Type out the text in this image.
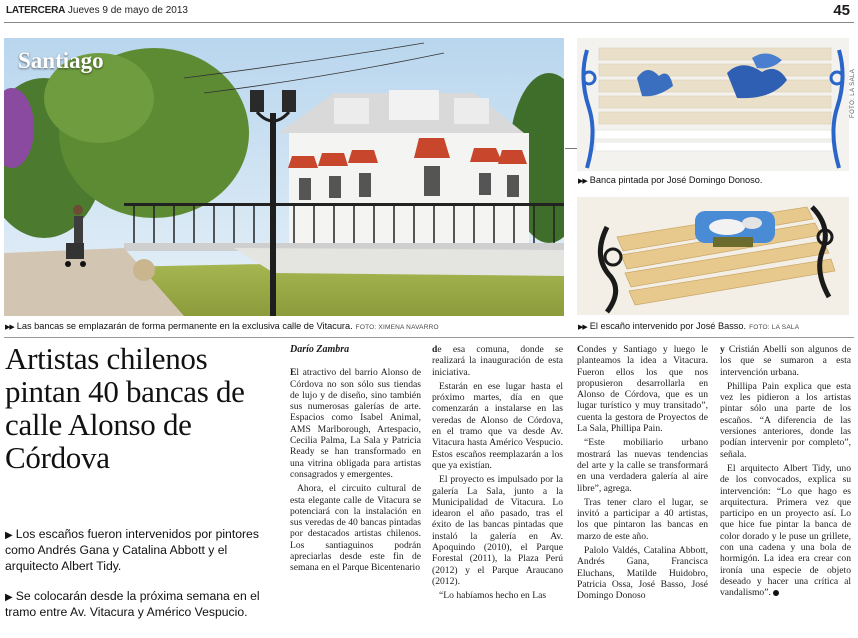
LATERCERA Jueves 9 de mayo de 2013	45
Santiago
▶▶ Las bancas se emplazarán de forma permanente en la exclusiva calle de Vitacura. FOTO: XIMENA NAVARRO
▶▶ Banca pintada por José Domingo Donoso.
▶▶ El escaño intervenido por José Basso. FOTO: LA SALA
FOTO: LA SALA
Artistas chilenos pintan 40 bancas de calle Alonso de Córdova
▶ Los escaños fueron intervenidos por pintores como Andrés Gana y Catalina Abbott y el arquitecto Albert Tidy.
▶ Se colocarán desde la próxima semana en el tramo entre Av. Vitacura y Américo Vespucio.
Darío Zambra

El atractivo del barrio Alonso de Córdova no son sólo sus tiendas de lujo y de diseño, sino también sus numerosas galerías de arte. Espacios como Isabel Animal, AMS Marlborough, Artespacio, Cecilia Palma, La Sala y Patricia Ready se han transformado en una vitrina obligada para artistas consagrados y emergentes.

Ahora, el circuito cultural de esta elegante calle de Vitacura se potenciará con la instalación en sus veredas de 40 bancas pintadas por destacados artistas chilenos. Los santiaguinos podrán apreciarlas desde este fin de semana en el Parque Bicentenario

de esa comuna, donde se realizará la inauguración de esta iniciativa.

Estarán en ese lugar hasta el próximo martes, día en que comenzarán a instalarse en las veredas de Alonso de Córdova, en el tramo que va desde Av. Vitacura hasta Américo Vespucio. Estos escaños reemplazarán a los que ya existían.

El proyecto es impulsado por la galería La Sala, junto a la Municipalidad de Vitacura. Lo idearon el año pasado, tras el éxito de las bancas pintadas que instaló la galería en Av. Apoquindo (2010), el Parque Forestal (2011), la Plaza Perú (2012) y el Parque Araucano (2012).

“Lo habíamos hecho en Las

Condes y Santiago y luego le planteamos la idea a Vitacura. Fueron ellos los que nos propusieron desarrollarla en Alonso de Córdova, que es un lugar turístico y muy transitado”, cuenta la gestora de Proyectos de La Sala, Phillipa Pain.

“Este mobiliario urbano mostrará las nuevas tendencias del arte y la calle se transformará en una verdadera galería al aire libre”, agrega.

Tras tener claro el lugar, se invitó a participar a 40 artistas, los que pintaron las bancas en marzo de este año.

Palolo Valdés, Catalina Abbott, Andrés Gana, Francisca Eluchans, Matilde Huidobro, Patricia Ossa, José Basso, José Domingo Donoso

y Cristián Abelli son algunos de los que se sumaron a esta intervención urbana.

Phillipa Pain explica que esta vez les pidieron a los artistas pintar sólo una parte de los escaños. “A diferencia de las versiones anteriores, donde las podían intervenir por completo”, señala.

El arquitecto Albert Tidy, uno de los convocados, explica su intervención: “Lo que hago es arquitectura. Primera vez que participo en un proyecto así. Lo que hice fue pintar la banca de color dorado y le puse un grillete, con una cadena y una bola de hormigón. La idea era crear con ironía una especie de objeto deseado y hacer una crítica al vandalismo”.
